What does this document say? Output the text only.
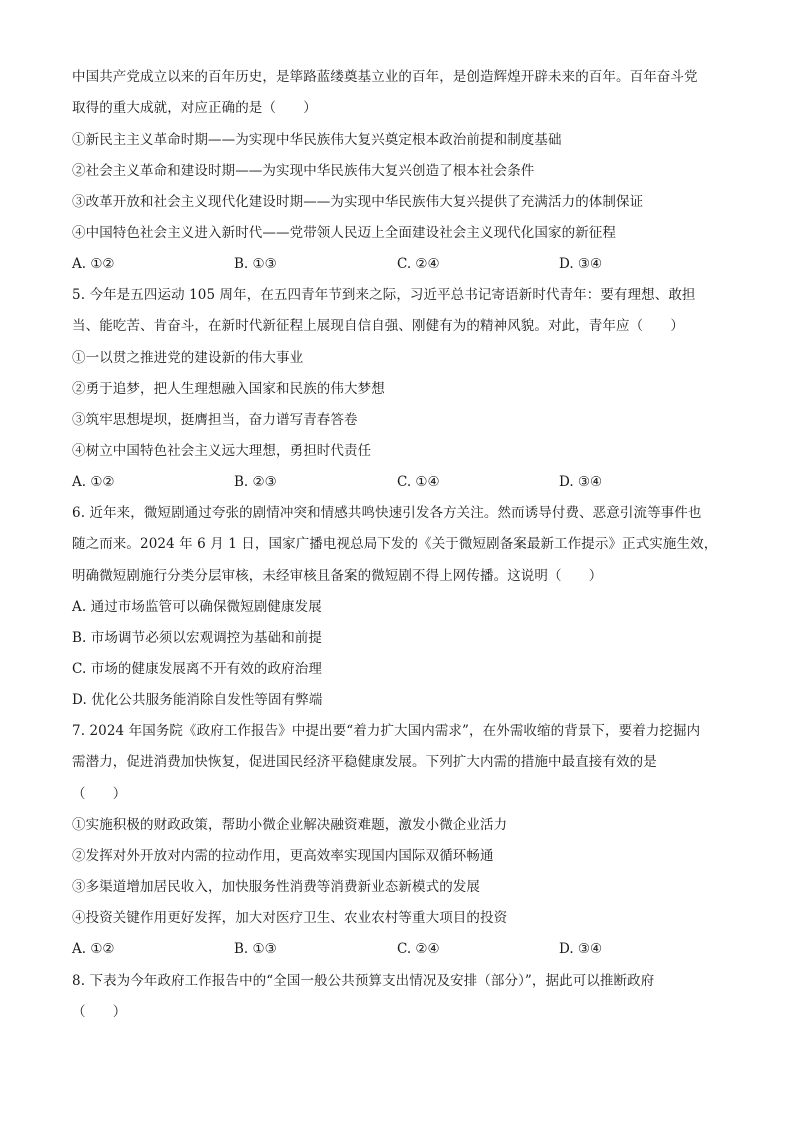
中国共产党成立以来的百年历史，是筚路蓝缕奠基立业的百年，是创造辉煌开辟未来的百年。百年奋斗党
取得的重大成就，对应正确的是（　　）
①新民主主义革命时期——为实现中华民族伟大复兴奠定根本政治前提和制度基础
②社会主义革命和建设时期——为实现中华民族伟大复兴创造了根本社会条件
③改革开放和社会主义现代化建设时期——为实现中华民族伟大复兴提供了充满活力的体制保证
④中国特色社会主义进入新时代——党带领人民迈上全面建设社会主义现代化国家的新征程
A. ①②	B. ①③	C. ②④	D. ③④
5. 今年是五四运动 105 周年，在五四青年节到来之际，习近平总书记寄语新时代青年：要有理想、敢担
当、能吃苦、肯奋斗，在新时代新征程上展现自信自强、刚健有为的精神风貌。对此，青年应（　　）
①一以贯之推进党的建设新的伟大事业
②勇于追梦，把人生理想融入国家和民族的伟大梦想
③筑牢思想堤坝，挺膺担当，奋力谱写青春答卷
④树立中国特色社会主义远大理想，勇担时代责任
A. ①②	B. ②③	C. ①④	D. ③④
6. 近年来，微短剧通过夸张的剧情冲突和情感共鸣快速引发各方关注。然而诱导付费、恶意引流等事件也
随之而来。2024 年 6 月 1 日，国家广播电视总局下发的《关于微短剧备案最新工作提示》正式实施生效，
明确微短剧施行分类分层审核，未经审核且备案的微短剧不得上网传播。这说明（　　）
A. 通过市场监管可以确保微短剧健康发展
B. 市场调节必须以宏观调控为基础和前提
C. 市场的健康发展离不开有效的政府治理
D. 优化公共服务能消除自发性等固有弊端
7. 2024 年国务院《政府工作报告》中提出要“着力扩大国内需求”，在外需收缩的背景下，要着力挖掘内
需潜力，促进消费加快恢复，促进国民经济平稳健康发展。下列扩大内需的措施中最直接有效的是
（　　）
①实施积极的财政政策，帮助小微企业解决融资难题，激发小微企业活力
②发挥对外开放对内需的拉动作用，更高效率实现国内国际双循环畅通
③多渠道增加居民收入，加快服务性消费等消费新业态新模式的发展
④投资关键作用更好发挥，加大对医疗卫生、农业农村等重大项目的投资
A. ①②	B. ①③	C. ②④	D. ③④
8. 下表为今年政府工作报告中的“全国一般公共预算支出情况及安排（部分）”，据此可以推断政府
（　　）
